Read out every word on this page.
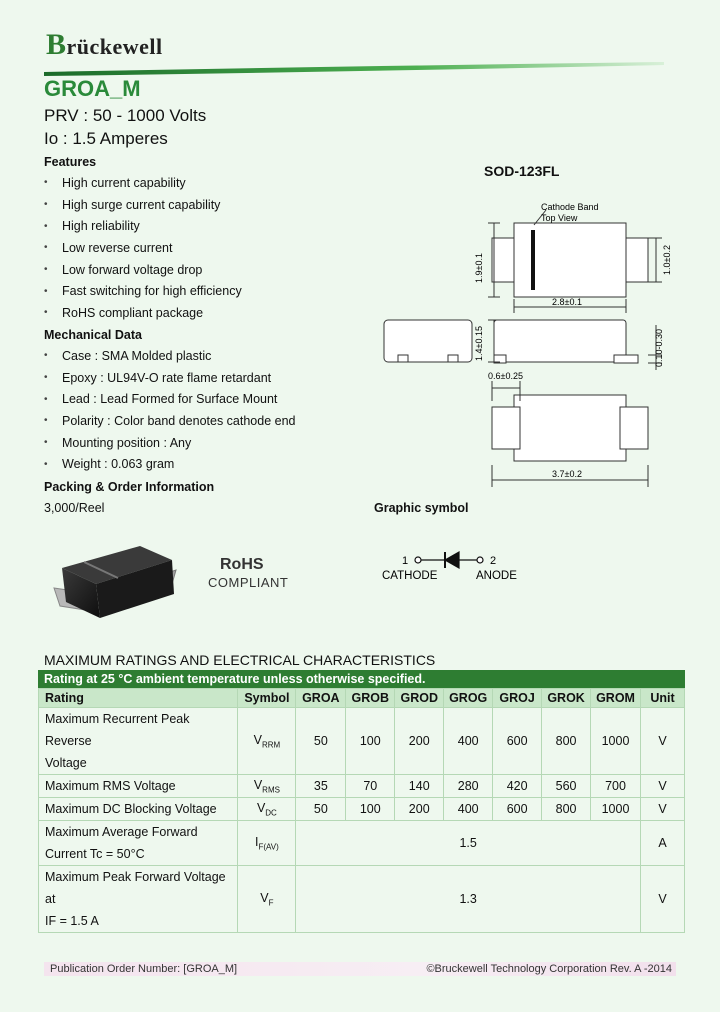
Brückewell
GROA_M
PRV : 50 - 1000 Volts
Io : 1.5 Amperes
Features
•	High current capability
•	High surge current capability
•	High reliability
•	Low reverse current
•	Low forward voltage drop
•	Fast switching for high efficiency
•	RoHS compliant package
Mechanical Data
•	Case : SMA Molded plastic
•	Epoxy : UL94V-O rate flame retardant
•	Lead : Lead Formed for Surface Mount
•	Polarity : Color band denotes cathode end
•	Mounting position : Any
•	Weight : 0.063 gram
Packing & Order Information
3,000/Reel
SOD-123FL
Cathode Band
Top View
1.9±0.1	1.0±0.2
2.8±0.1
1.4±0.15	0.10-0.30
0.6±0.25
3.7±0.2
RoHS
COMPLIANT
Graphic symbol
1	2
CATHODE	ANODE
MAXIMUM RATINGS AND ELECTRICAL CHARACTERISTICS
Rating at 25 °C ambient temperature unless otherwise specified.
Rating	Symbol	GROA	GROB	GROD	GROG	GROJ	GROK	GROM	Unit
Maximum Recurrent Peak Reverse
Voltage	$V_{RRM}$	50	100	200	400	600	800	1000	V
Maximum RMS Voltage	$V_{RMS}$	35	70	140	280	420	560	700	V
Maximum DC Blocking Voltage	$V_{DC}$	50	100	200	400	600	800	1000	V
Maximum Average Forward
Current Tc = 50°C	$I_{F(AV)}$	1.5							A
Maximum Peak Forward Voltage at
IF = 1.5 A	$V_F$	1.3							V
Publication Order Number: [GROA_M]	©Bruckewell Technology Corporation Rev. A -2014
